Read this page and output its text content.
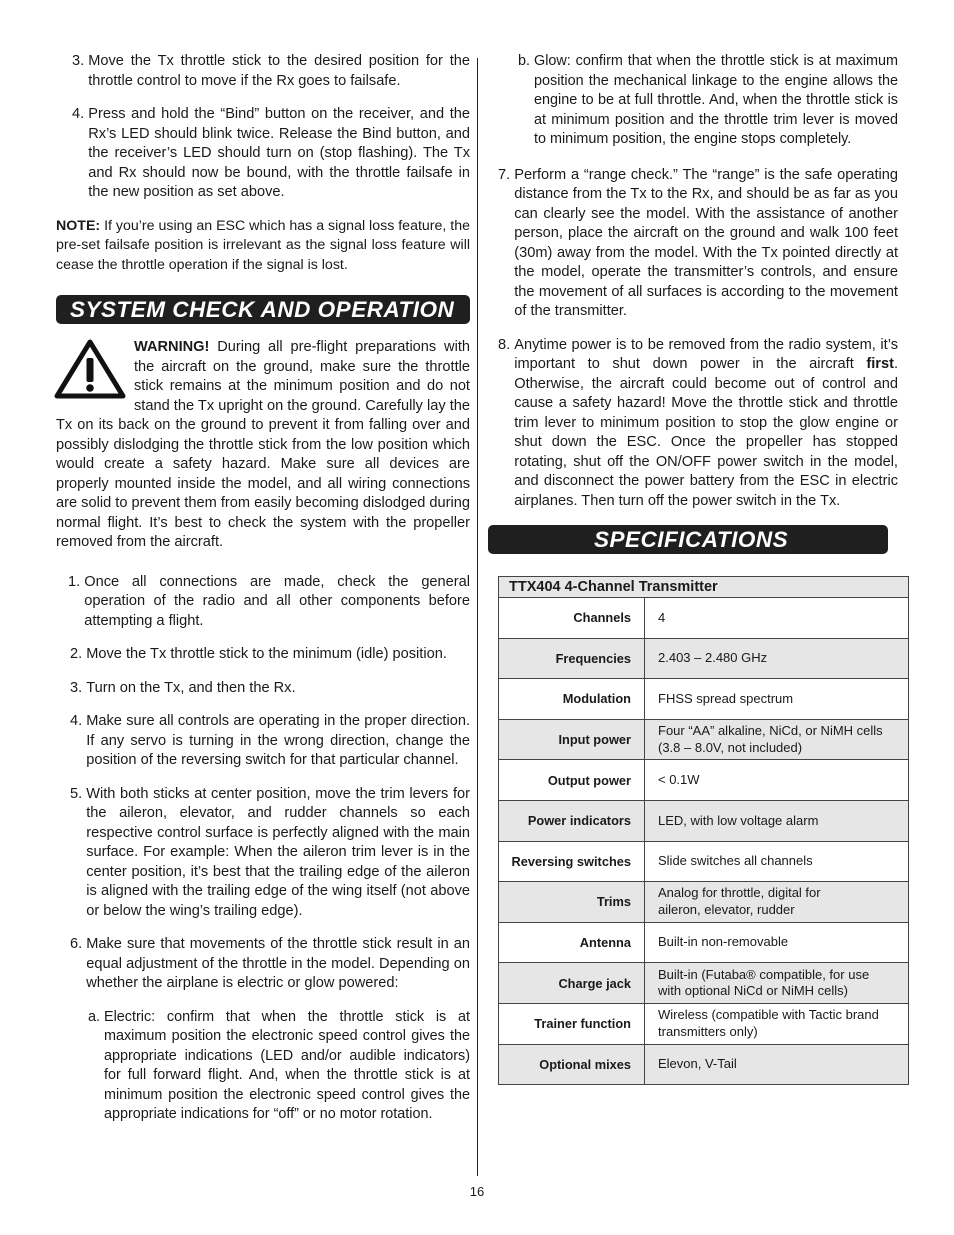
3. Move the Tx throttle stick to the desired position for the throttle control to move if the Rx goes to failsafe.
4. Press and hold the “Bind” button on the receiver, and the Rx’s LED should blink twice. Release the Bind button, and the receiver’s LED should turn on (stop flashing). The Tx and Rx should now be bound, with the throttle failsafe in the new position as set above.

NOTE: If you’re using an ESC which has a signal loss feature, the pre-set failsafe position is irrelevant as the signal loss feature will cease the throttle operation if the signal is lost.

SYSTEM CHECK AND OPERATION
WARNING! During all pre-flight preparations with the aircraft on the ground, make sure the throttle stick remains at the minimum position and do not stand the Tx upright on the ground. Carefully lay the Tx on its back on the ground to prevent it from falling over and possibly dislodging the throttle stick from the low position which would create a safety hazard. Make sure all devices are properly mounted inside the model, and all wiring connections are solid to prevent them from easily becoming dislodged during normal flight. It’s best to check the system with the propeller removed from the aircraft.
1. Once all connections are made, check the general operation of the radio and all other components before attempting a flight.
2. Move the Tx throttle stick to the minimum (idle) position.
3. Turn on the Tx, and then the Rx.
4. Make sure all controls are operating in the proper direction. If any servo is turning in the wrong direction, change the position of the reversing switch for that particular channel.
5. With both sticks at center position, move the trim levers for the aileron, elevator, and rudder channels so each respective control surface is perfectly aligned with the main surface. For example: When the aileron trim lever is in the center position, it’s best that the trailing edge of the aileron is aligned with the trailing edge of the wing itself (not above or below the wing’s trailing edge).
6. Make sure that movements of the throttle stick result in an equal adjustment of the throttle in the model. Depending on whether the airplane is electric or glow powered:
a. Electric: confirm that when the throttle stick is at maximum position the electronic speed control gives the appropriate indications (LED and/or audible indicators) for full forward flight. And, when the throttle stick is at minimum position the electronic speed control gives the appropriate indications for “off” or no motor rotation.
b. Glow: confirm that when the throttle stick is at maximum position the mechanical linkage to the engine allows the engine to be at full throttle. And, when the throttle stick is at minimum position and the throttle trim lever is moved to minimum position, the engine stops completely.
7. Perform a “range check.” The “range” is the safe operating distance from the Tx to the Rx, and should be as far as you can clearly see the model. With the assistance of another person, place the aircraft on the ground and walk 100 feet (30m) away from the model. With the Tx pointed directly at the model, operate the transmitter’s controls, and ensure the movement of all surfaces is according to the movement of the transmitter.
8. Anytime power is to be removed from the radio system, it’s important to shut down power in the aircraft first. Otherwise, the aircraft could become out of control and cause a safety hazard! Move the throttle stick and throttle trim lever to minimum position to stop the glow engine or shut down the ESC. Once the propeller has stopped rotating, shut off the ON/OFF power switch in the model, and disconnect the power battery from the ESC in electric airplanes. Then turn off the power switch in the Tx.
SPECIFICATIONS
TTX404 4-Channel Transmitter	
Channels	4

Frequencies	2.403 – 2.480 GHz

Modulation	FHSS spread spectrum

Input power	Four “AA” alkaline, NiCd, or NiMH cells
(3.8 – 8.0V, not included)

Output power	< 0.1W

Power indicators	LED, with low voltage alarm

Reversing switches	Slide switches all channels

Trims	Analog for throttle, digital for
aileron, elevator, rudder

Antenna	Built-in non-removable

Charge jack	Built-in (Futaba® compatible, for use
with optional NiCd or NiMH cells)

Trainer function	Wireless (compatible with Tactic brand
transmitters only)

Optional mixes	Elevon, V-Tail
16
